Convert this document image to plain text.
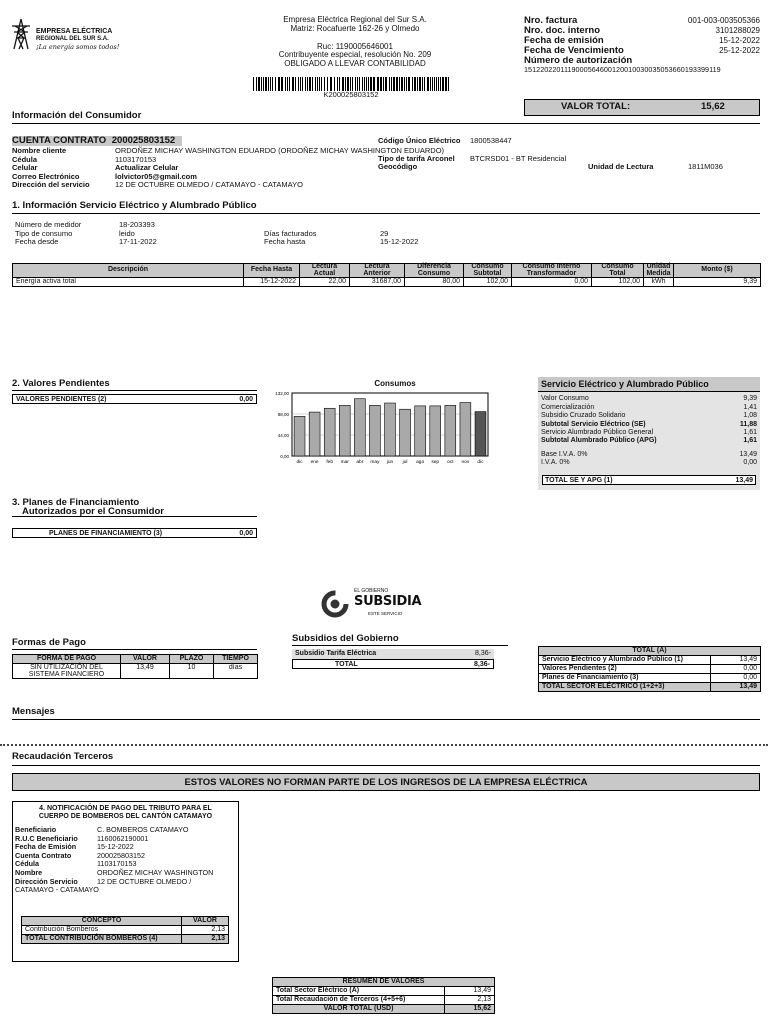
EMPRESA ELÉCTRICA
REGIONAL DEL SUR S.A.
¡La energía somos todos!
Empresa Eléctrica Regional del Sur S.A.
Matriz: Rocafuerte 162-26 y Olmedo
Ruc: 1190005646001
Contribuyente especial, resolución No. 209
OBLIGADO A LLEVAR CONTABILIDAD
K200025803152
Nro. factura	001-003-003505366
Nro. doc. interno	3101288029
Fecha de emisión	15-12-2022
Fecha de Vencimiento	25-12-2022
Número de autorización
1512202201119000564600120010030035053660193399119
VALOR TOTAL:	15,62
Información del Consumidor
CUENTA CONTRATO 200025803152
Nombre cliente	ORDOÑEZ MICHAY WASHINGTON EDUARDO (ORDOÑEZ MICHAY WASHINGTON EDUARDO)
Cédula	1103170153
Celular	Actualizar Celular
Correo Electrónico	lolvictor05@gmail.com
Dirección del servicio	12 DE OCTUBRE OLMEDO / CATAMAYO - CATAMAYO
Código Único Eléctrico 1800538447
Tipo de tarifa Arconel BTCRSD01 - BT Residencial
Geocódigo	Unidad de Lectura	1811M036
1. Información Servicio Eléctrico y Alumbrado Público
Número de medidor	18-203393
Tipo de consumo	leido	Días facturados	29
Fecha desde	17-11-2022	Fecha hasta	15-12-2022
Descripción	Fecha Hasta	Lectura Actual	Lectura Anterior	Diferencia Consumo	Consumo Subtotal	Consumo Interno Transformador	Consumo Total	Unidad Medida	Monto ($)
Energía activa total	15-12-2022	22,00	31687,00	80,00	102,00	0,00	102,00	kWh	9,39
2. Valores Pendientes
VALORES PENDIENTES (2)	0,00
Consumos
0,00
44,00
88,00
132,00
dic ene feb mar abr may jun jul ago sep oct nov dic
Servicio Eléctrico y Alumbrado Público
Valor Consumo	9,39
Comercialización	1,41
Subsidio Cruzado Solidario	1,08
Subtotal Servicio Eléctrico (SE)	11,88
Servicio Alumbrado Público General	1,61
Subtotal Alumbrado Público (APG)	1,61
Base I.V.A. 0%	13,49
I.V.A. 0%	0,00
TOTAL SE Y APG (1)	13,49
3. Planes de Financiamiento
Autorizados por el Consumidor
PLANES DE FINANCIAMIENTO (3)	0,00
EL GOBIERNO
SUBSIDIA
ESTE SERVICIO
Formas de Pago
FORMA DE PAGO	VALOR	PLAZO	TIEMPO
SIN UTILIZACIÓN DEL SISTEMA FINANCIERO	13,49	10	días
Subsidios del Gobierno
Subsidio Tarifa Eléctrica	8,36-
TOTAL	8,36-
TOTAL (A)	
Servicio Eléctrico y Alumbrado Público (1)	13,49
Valores Pendientes (2)	0,00
Planes de Financiamiento (3)	0,00
TOTAL SECTOR ELÉCTRICO (1+2+3)	13,49
Mensajes
Recaudación Terceros
ESTOS VALORES NO FORMAN PARTE DE LOS INGRESOS DE LA EMPRESA ELÉCTRICA
4. NOTIFICACIÓN DE PAGO DEL TRIBUTO PARA EL CUERPO DE BOMBEROS DEL CANTÓN CATAMAYO
Beneficiario	C. BOMBEROS CATAMAYO
R.U.C Beneficiario	1160062190001
Fecha de Emisión	15-12-2022
Cuenta Contrato	200025803152
Cédula	1103170153
Nombre	ORDOÑEZ MICHAY WASHINGTON
Dirección Servicio	12 DE OCTUBRE OLMEDO /
CATAMAYO - CATAMAYO
CONCEPTO	VALOR
Contribución Bomberos	2,13
TOTAL CONTRIBUCIÓN BOMBEROS (4)	2,13
RESUMEN DE VALORES	
Total Sector Eléctrico (A)	13,49
Total Recaudación de Terceros (4+5+6)	2,13
VALOR TOTAL (USD)	15,62
